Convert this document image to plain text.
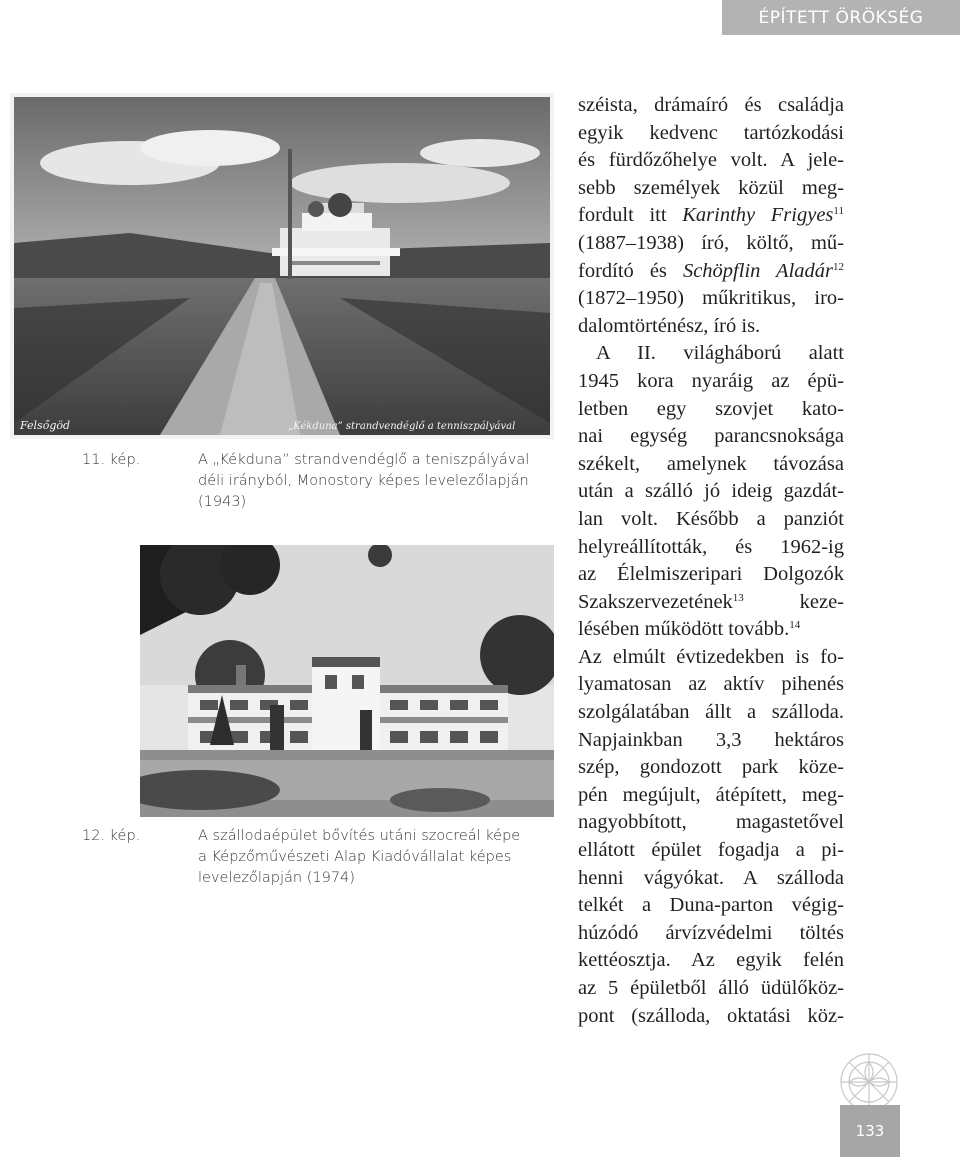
ÉPÍTETT ÖRÖKSÉG
Felsőgöd	„Kékduna” strandvendéglő a tenniszpályával
11. kép.	A „Kékduna” strandvendéglő a teniszpályával
déli irányból, Monostory képes levelezőlapján
(1943)
12. kép.	A szállodaépület bővítés utáni szocreál képe
a Képzőművészeti Alap Kiadóvállalat képes
levelezőlapján (1974)
széista, drámaíró és családja
egyik kedvenc tartózkodási
és fürdőzőhelye volt. A jele-
sebb személyek közül meg-
fordult itt Karinthy Frigyes$^{11}$
(1887–1938) író, költő, mű-
fordító és Schöpflin Aladár$^{12}$
(1872–1950) műkritikus, iro-
dalomtörténész, író is.
A II. világháború alatt
1945 kora nyaráig az épü-
letben egy szovjet kato-
nai egység parancsnoksága
székelt, amelynek távozása
után a szálló jó ideig gazdát-
lan volt. Később a panziót
helyreállították, és 1962-ig
az Élelmiszeripari Dolgozók
Szakszervezetének$^{13}$	keze-
lésében működött tovább.$^{14}$
Az elmúlt évtizedekben is fo-
lyamatosan az aktív pihenés
szolgálatában állt a szálloda.
Napjainkban 3,3 hektáros
szép, gondozott park köze-
pén megújult, átépített, meg-
nagyobbított, magastetővel
ellátott épület fogadja a pi-
henni vágyókat. A szálloda
telkét a Duna-parton végig-
húzódó árvízvédelmi töltés
kettéosztja. Az egyik felén
az 5 épületből álló üdülőköz-
pont (szálloda, oktatási köz-
133
